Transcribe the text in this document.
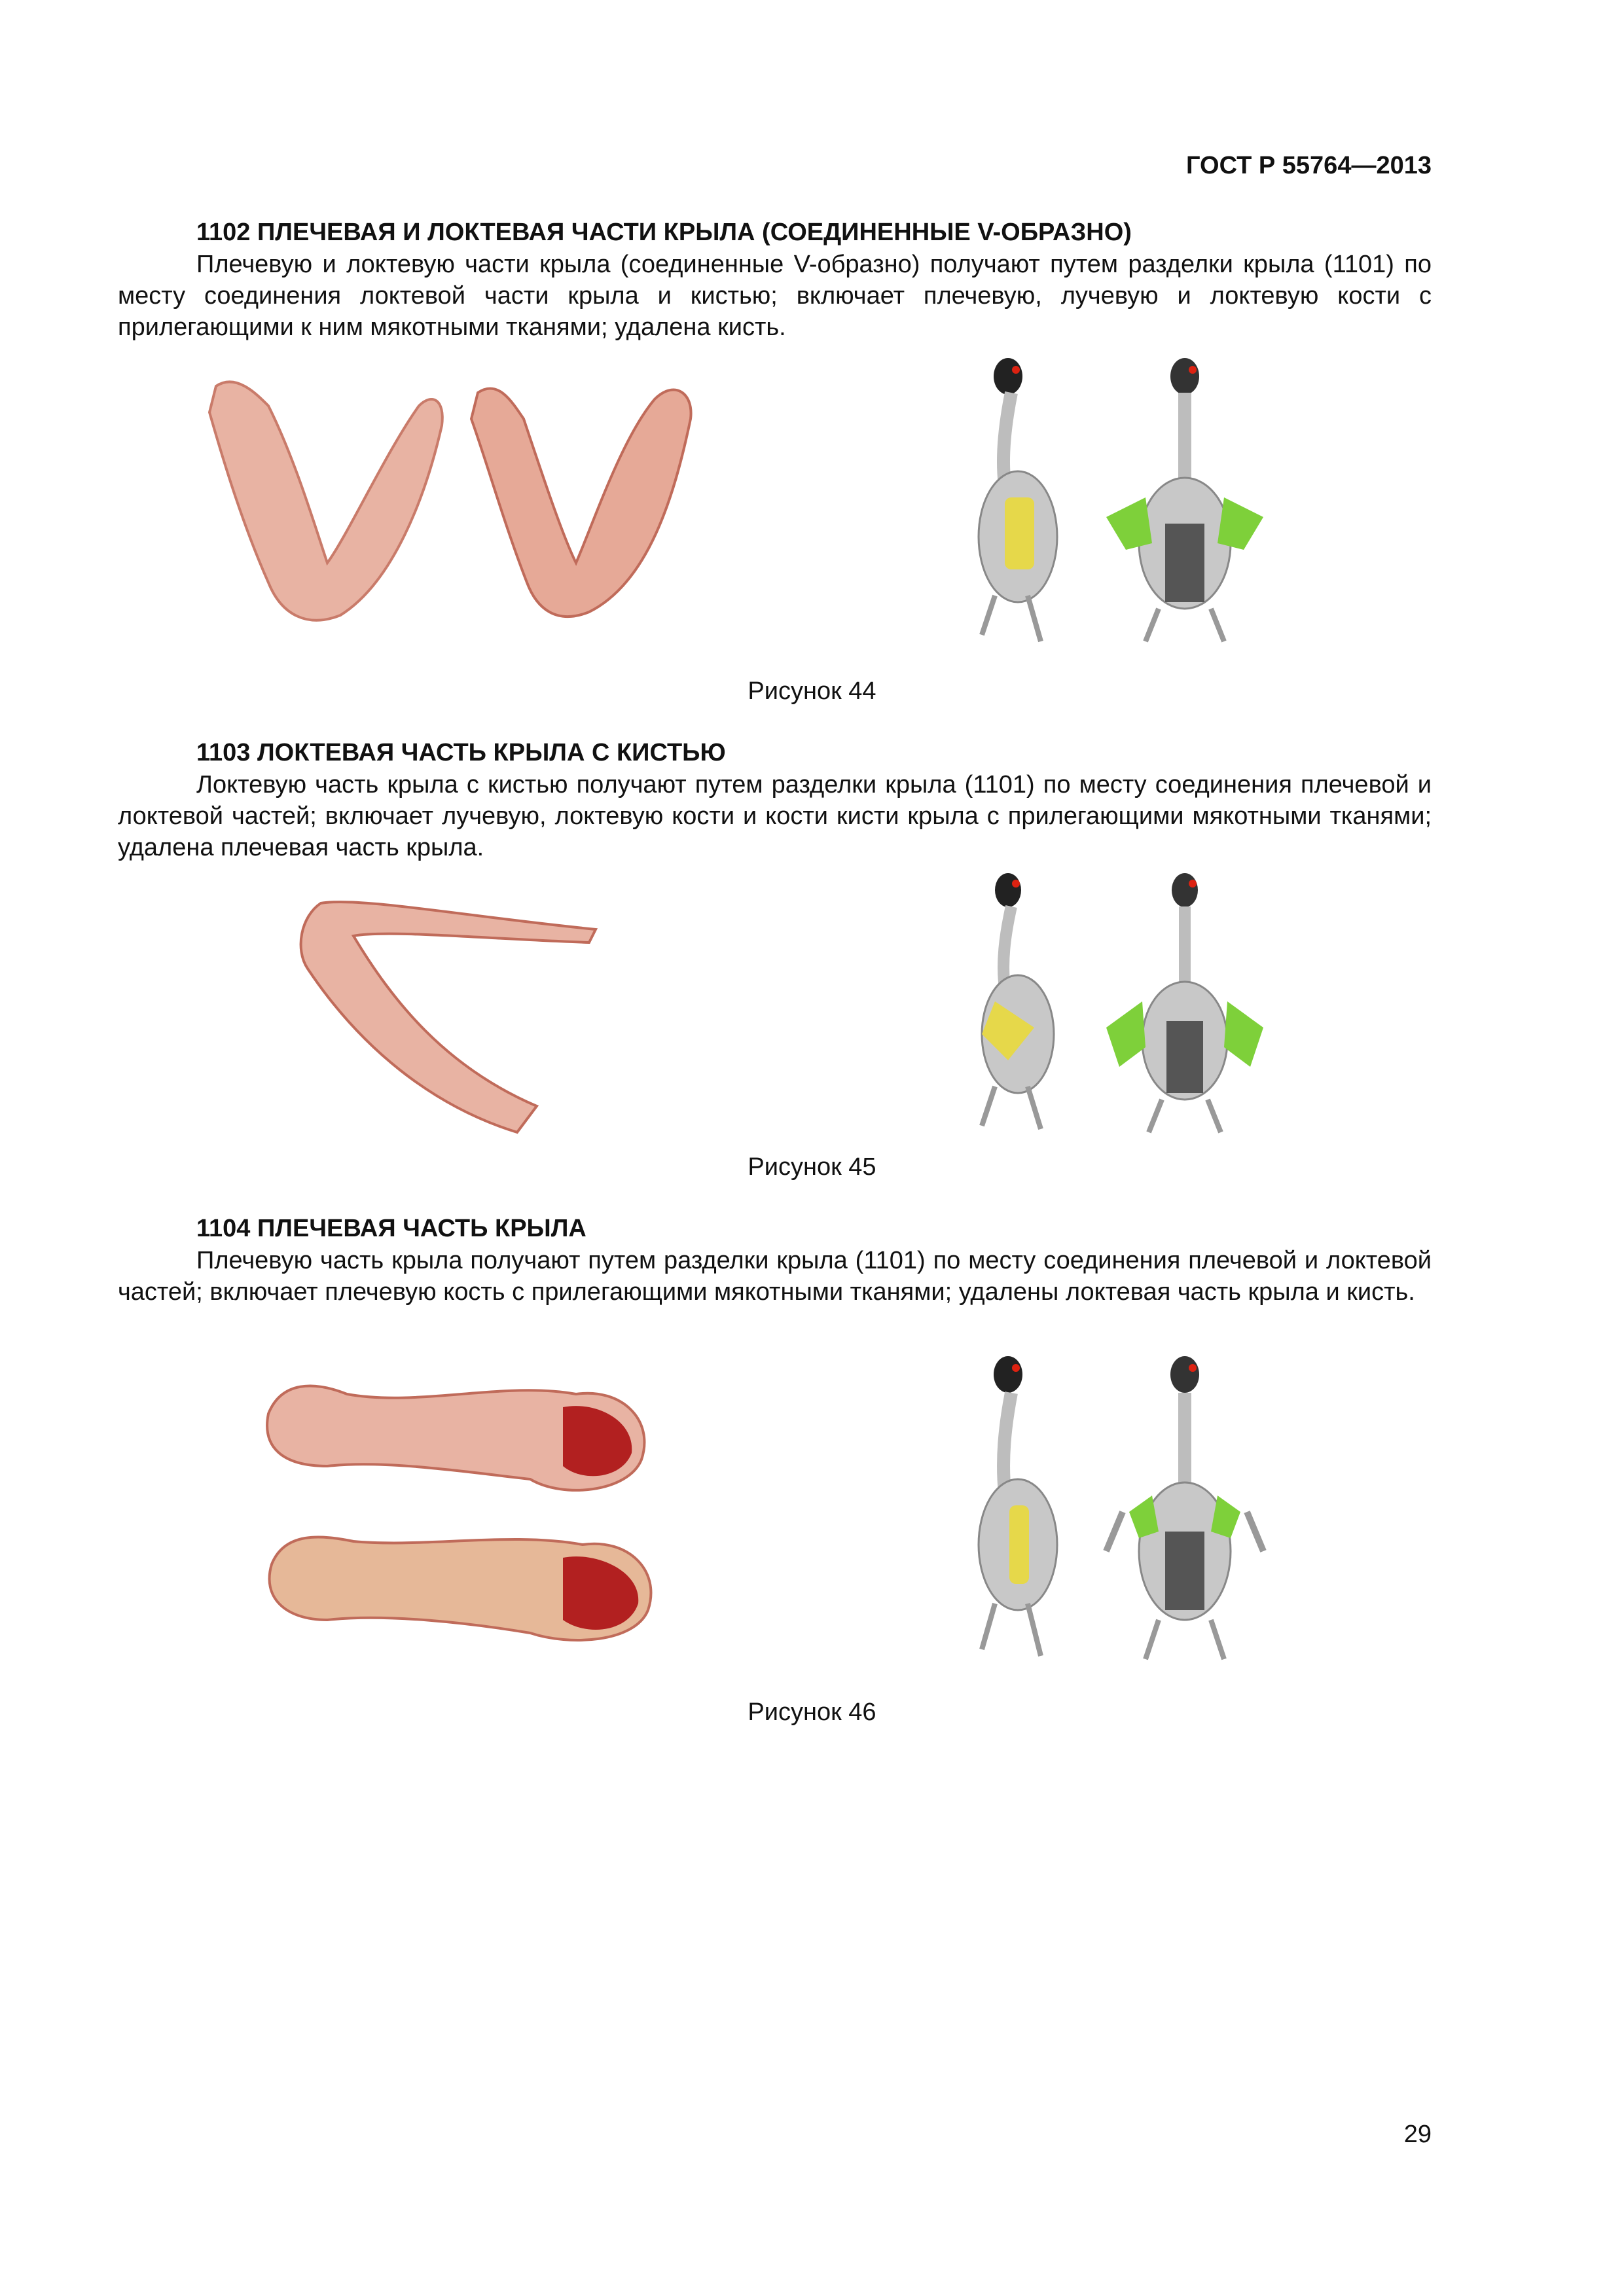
ГОСТ Р 55764—2013

1102 ПЛЕЧЕВАЯ И ЛОКТЕВАЯ ЧАСТИ КРЫЛА (СОЕДИНЕННЫЕ V-ОБРАЗНО)

Плечевую и локтевую части крыла (соединенные V-образно) получают путем разделки крыла (1101) по месту соединения локтевой части крыла и кистью; включает плечевую, лучевую и локтевую кости с прилегающими к ним мякотными тканями; удалена кисть.

Рисунок 44

1103 ЛОКТЕВАЯ ЧАСТЬ КРЫЛА С КИСТЬЮ

Локтевую часть крыла с кистью получают путем разделки крыла (1101) по месту соединения плечевой и локтевой частей; включает лучевую, локтевую кости и кости кисти крыла с прилегающими мякотными тканями; удалена плечевая часть крыла.

Рисунок 45

1104 ПЛЕЧЕВАЯ ЧАСТЬ КРЫЛА

Плечевую часть крыла получают путем разделки крыла (1101) по месту соединения плечевой и локтевой частей; включает плечевую кость с прилегающими мякотными тканями; удалены локтевая часть крыла и кисть.

Рисунок 46
29
